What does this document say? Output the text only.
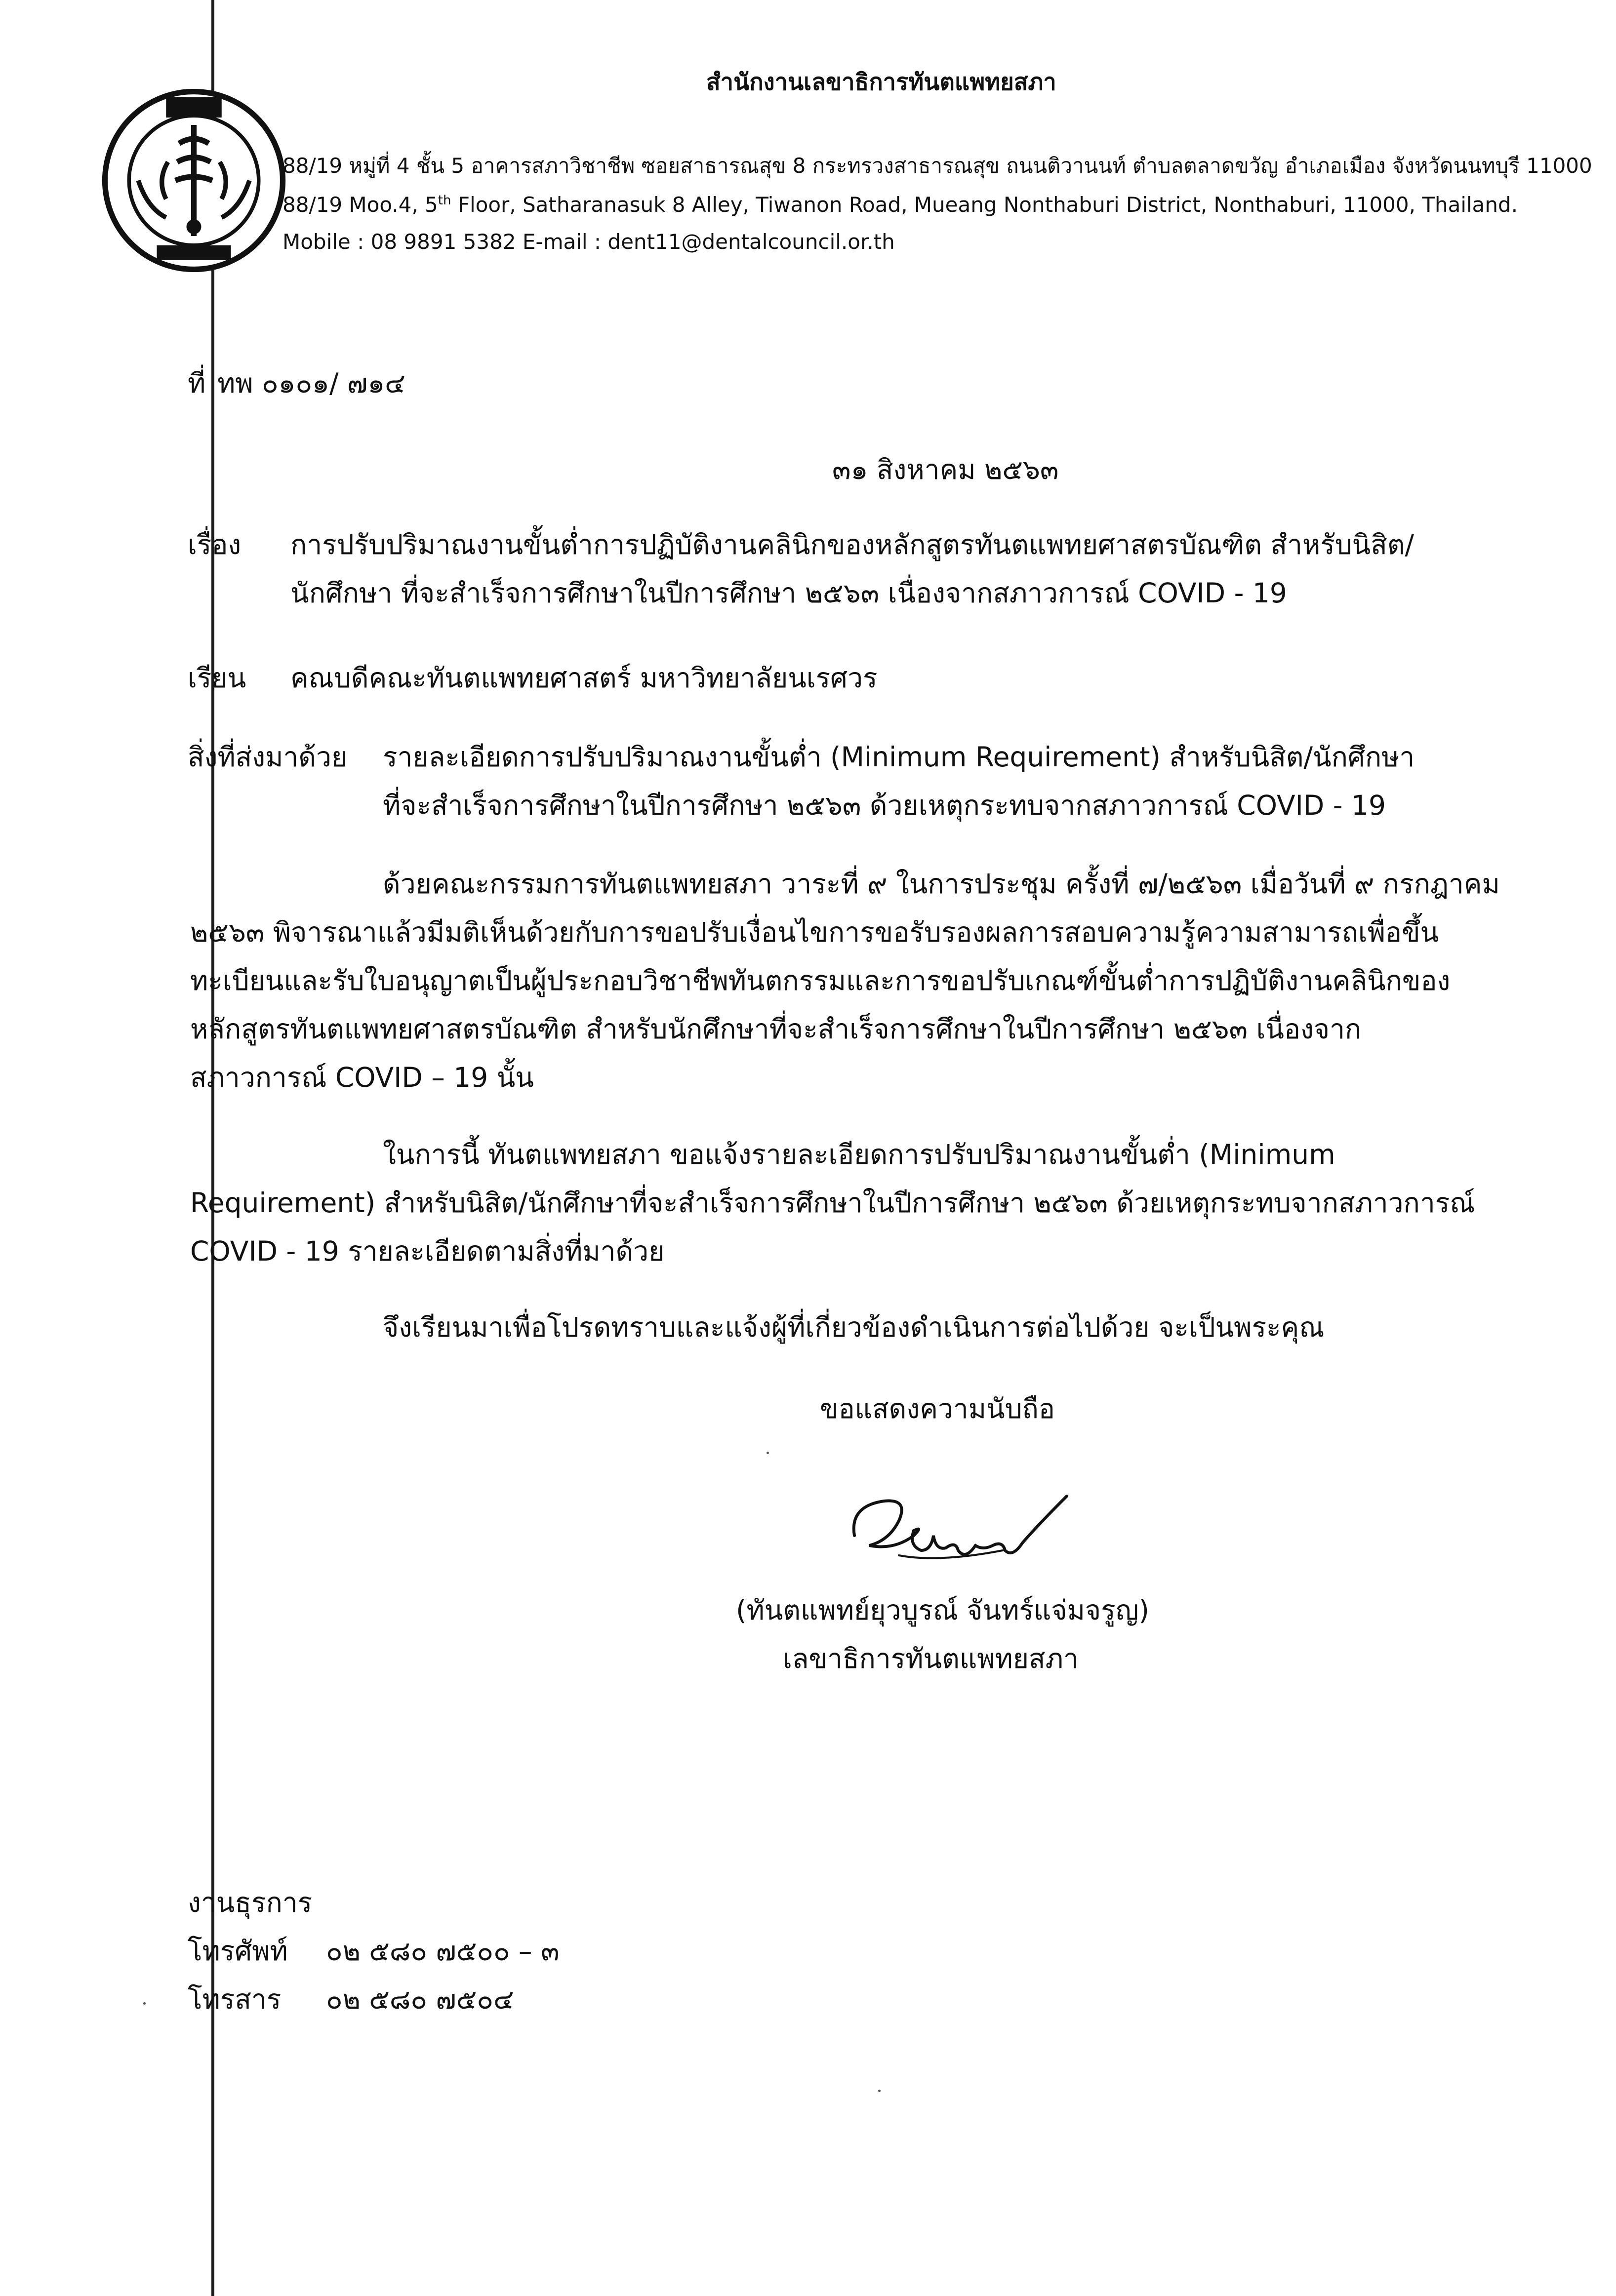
สำนักงานเลขาธิการทันตแพทยสภา
88/19 หมู่ที่ 4 ชั้น 5 อาคารสภาวิชาชีพ ซอยสาธารณสุข 8 กระทรวงสาธารณสุข ถนนติวานนท์ ตำบลตลาดขวัญ อำเภอเมือง จังหวัดนนทบุรี 11000
88/19 Moo.4, 5th Floor, Satharanasuk 8 Alley, Tiwanon Road, Mueang Nonthaburi District, Nonthaburi, 11000, Thailand.
Mobile : 08 9891 5382 E-mail : dent11@dentalcouncil.or.th
ที่ ทพ ๐๑๐๑/ ๗๑๔
๓๑ สิงหาคม ๒๕๖๓
เรื่อง การปรับปริมาณงานขั้นต่ำการปฏิบัติงานคลินิกของหลักสูตรทันตแพทยศาสตรบัณฑิต สำหรับนิสิต/
นักศึกษา ที่จะสำเร็จการศึกษาในปีการศึกษา ๒๕๖๓ เนื่องจากสภาวการณ์ COVID - 19
เรียน คณบดีคณะทันตแพทยศาสตร์ มหาวิทยาลัยนเรศวร
สิ่งที่ส่งมาด้วย รายละเอียดการปรับปริมาณงานขั้นต่ำ (Minimum Requirement) สำหรับนิสิต/นักศึกษา
ที่จะสำเร็จการศึกษาในปีการศึกษา ๒๕๖๓ ด้วยเหตุกระทบจากสภาวการณ์ COVID - 19
ด้วยคณะกรรมการทันตแพทยสภา วาระที่ ๙ ในการประชุม ครั้งที่ ๗/๒๕๖๓ เมื่อวันที่ ๙ กรกฎาคม
๒๕๖๓ พิจารณาแล้วมีมติเห็นด้วยกับการขอปรับเงื่อนไขการขอรับรองผลการสอบความรู้ความสามารถเพื่อขึ้น
ทะเบียนและรับใบอนุญาตเป็นผู้ประกอบวิชาชีพทันตกรรมและการขอปรับเกณฑ์ขั้นต่ำการปฏิบัติงานคลินิกของ
หลักสูตรทันตแพทยศาสตรบัณฑิต สำหรับนักศึกษาที่จะสำเร็จการศึกษาในปีการศึกษา ๒๕๖๓ เนื่องจาก
สภาวการณ์ COVID – 19 นั้น
ในการนี้ ทันตแพทยสภา ขอแจ้งรายละเอียดการปรับปริมาณงานขั้นต่ำ (Minimum
Requirement) สำหรับนิสิต/นักศึกษาที่จะสำเร็จการศึกษาในปีการศึกษา ๒๕๖๓ ด้วยเหตุกระทบจากสภาวการณ์
COVID - 19 รายละเอียดตามสิ่งที่มาด้วย
จึงเรียนมาเพื่อโปรดทราบและแจ้งผู้ที่เกี่ยวข้องดำเนินการต่อไปด้วย จะเป็นพระคุณ
ขอแสดงความนับถือ
(ทันตแพทย์ยุวบูรณ์ จันทร์แจ่มจรูญ)
เลขาธิการทันตแพทยสภา
งานธุรการ
โทรศัพท์ ๐๒ ๕๘๐ ๗๕๐๐ – ๓
โทรสาร ๐๒ ๕๘๐ ๗๕๐๔
